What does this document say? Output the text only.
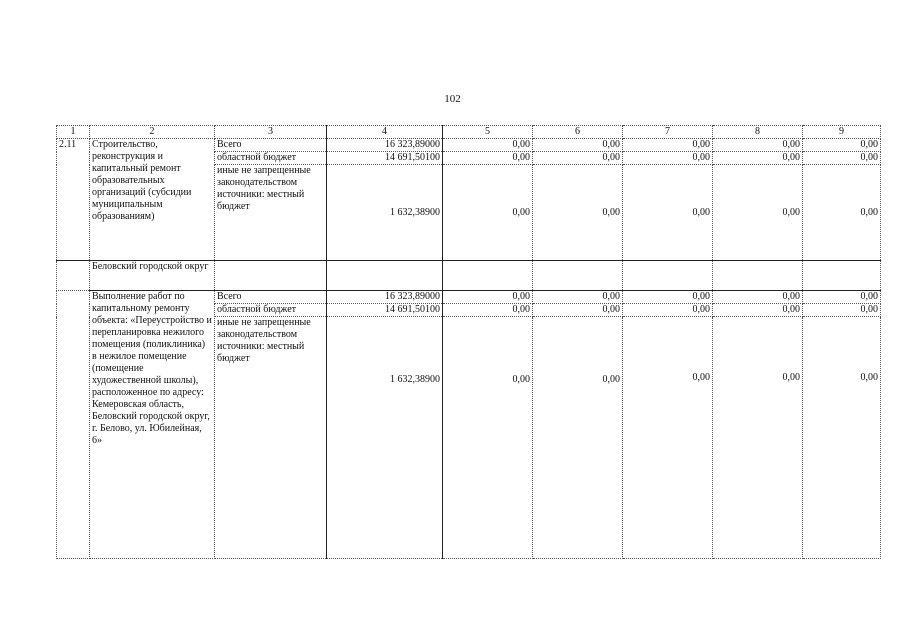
102
1	2	3	4	5	6	7	8	9
2.11	Строительство, реконструкция и капитальный ремонт образовательных организаций (субсидии муниципальным образованиям)	Всего	16 323,89000	0,00	0,00	0,00	0,00	0,00
		областной бюджет	14 691,50100	0,00	0,00	0,00	0,00	0,00
		иные не запрещенные законодательством источники: местный бюджет	1 632,38900	0,00	0,00	0,00	0,00	0,00
	Беловский городской округ							
	Выполнение работ по капитальному ремонту объекта: «Переустройство и перепланировка нежилого помещения (поликлиника) в нежилое помещение (помещение художественной школы), расположенное по адресу: Кемеровская область, Беловский городской округ, г. Белово, ул. Юбилейная, 6»	Всего	16 323,89000	0,00	0,00	0,00	0,00	0,00
		областной бюджет	14 691,50100	0,00	0,00	0,00	0,00	0,00
		иные не запрещенные законодательством источники: местный бюджет	1 632,38900	0,00	0,00	0,00	0,00	0,00
